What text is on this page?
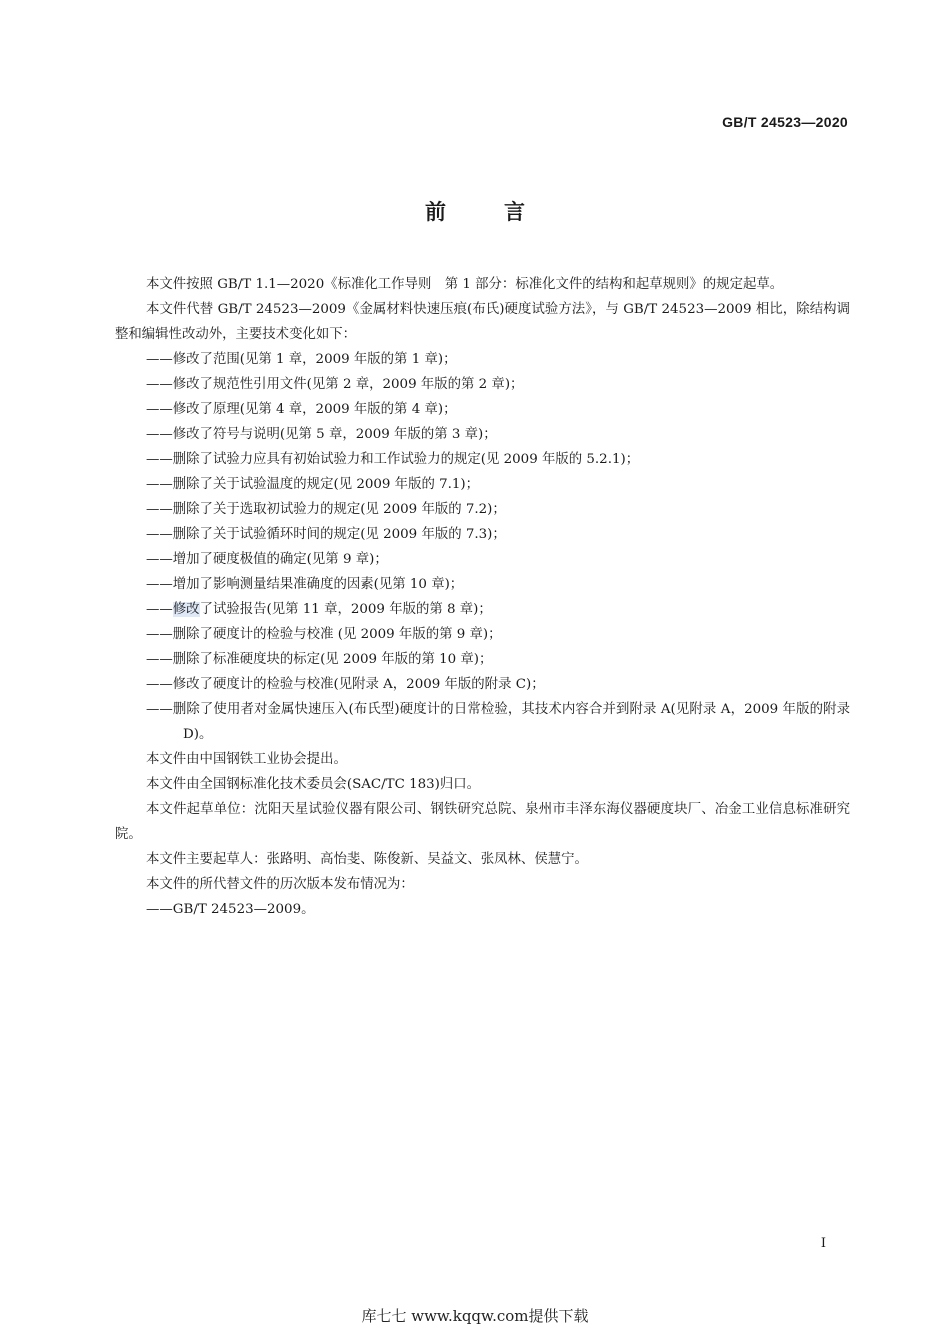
GB/T 24523—2020
前言

本文件按照 GB/T 1.1—2020《标准化工作导则　第 1 部分：标准化文件的结构和起草规则》的规定起草。

本文件代替 GB/T 24523—2009《金属材料快速压痕(布氏)硬度试验方法》，与 GB/T 24523—2009 相比，除结构调整和编辑性改动外，主要技术变化如下：

——修改了范围(见第 1 章，2009 年版的第 1 章)；
——修改了规范性引用文件(见第 2 章，2009 年版的第 2 章)；
——修改了原理(见第 4 章，2009 年版的第 4 章)；
——修改了符号与说明(见第 5 章，2009 年版的第 3 章)；
——删除了试验力应具有初始试验力和工作试验力的规定(见 2009 年版的 5.2.1)；
——删除了关于试验温度的规定(见 2009 年版的 7.1)；
——删除了关于选取初试验力的规定(见 2009 年版的 7.2)；
——删除了关于试验循环时间的规定(见 2009 年版的 7.3)；
——增加了硬度极值的确定(见第 9 章)；
——增加了影响测量结果准确度的因素(见第 10 章)；
——修改了试验报告(见第 11 章，2009 年版的第 8 章)；
——删除了硬度计的检验与校准 (见 2009 年版的第 9 章)；
——删除了标准硬度块的标定(见 2009 年版的第 10 章)；
——修改了硬度计的检验与校准(见附录 A，2009 年版的附录 C)；
——删除了使用者对金属快速压入(布氏型)硬度计的日常检验，其技术内容合并到附录 A(见附录 A，2009 年版的附录 D)。

本文件由中国钢铁工业协会提出。

本文件由全国钢标准化技术委员会(SAC/TC 183)归口。

本文件起草单位：沈阳天星试验仪器有限公司、钢铁研究总院、泉州市丰泽东海仪器硬度块厂、冶金工业信息标准研究院。

本文件主要起草人：张路明、高怡斐、陈俊新、吴益文、张凤林、侯慧宁。

本文件的所代替文件的历次版本发布情况为：

——GB/T 24523—2009。

I
库七七 www.kqqw.com提供下载
